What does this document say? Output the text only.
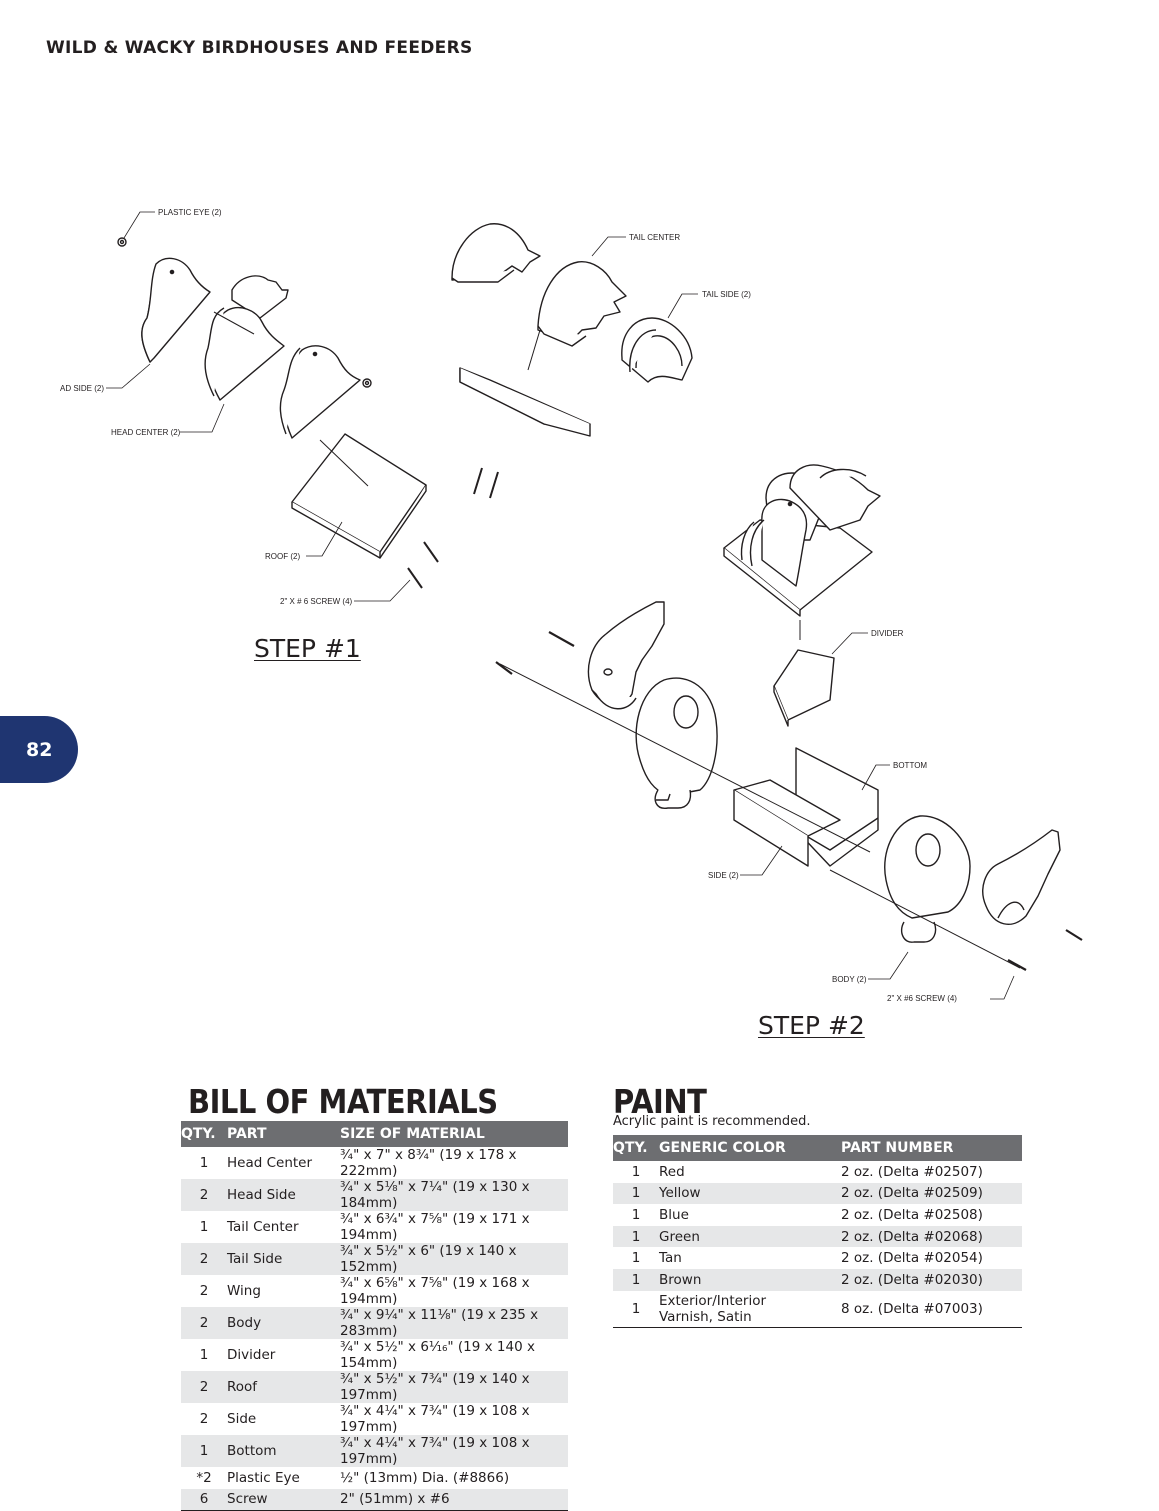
WILD & WACKY BIRDHOUSES AND FEEDERS
82
PLASTIC EYE (2)
AD SIDE (2)
HEAD CENTER (2)
ROOF (2)
2" X # 6 SCREW (4)
TAIL CENTER
TAIL SIDE (2)
DIVIDER
BOTTOM
SIDE (2)
BODY (2)
2" X #6 SCREW (4)
STEP #1
STEP #2
BILL OF MATERIALS
QTY.	PART	SIZE OF MATERIAL
1	Head Center	¾" x 7" x 8¾" (19 x 178 x 222mm)
2	Head Side	¾" x 5⅛" x 7¼" (19 x 130 x 184mm)
1	Tail Center	¾" x 6¾" x 7⅝" (19 x 171 x 194mm)
2	Tail Side	¾" x 5½" x 6" (19 x 140 x 152mm)
2	Wing	¾" x 6⅝" x 7⅝" (19 x 168 x 194mm)
2	Body	¾" x 9¼" x 11⅛" (19 x 235 x 283mm)
1	Divider	¾" x 5½" x 6¹⁄₁₆" (19 x 140 x 154mm)
2	Roof	¾" x 5½" x 7¾" (19 x 140 x 197mm)
2	Side	¾" x 4¼" x 7¾" (19 x 108 x 197mm)
1	Bottom	¾" x 4¼" x 7¾" (19 x 108 x 197mm)
*2	Plastic Eye	½" (13mm) Dia. (#8866)
6	Screw	2" (51mm) x #6
PAINT
Acrylic paint is recommended.
QTY.	GENERIC COLOR	PART NUMBER
1	Red	2 oz. (Delta #02507)
1	Yellow	2 oz. (Delta #02509)
1	Blue	2 oz. (Delta #02508)
1	Green	2 oz. (Delta #02068)
1	Tan	2 oz. (Delta #02054)
1	Brown	2 oz. (Delta #02030)
1	Exterior/Interior Varnish, Satin	8 oz. (Delta #07003)
